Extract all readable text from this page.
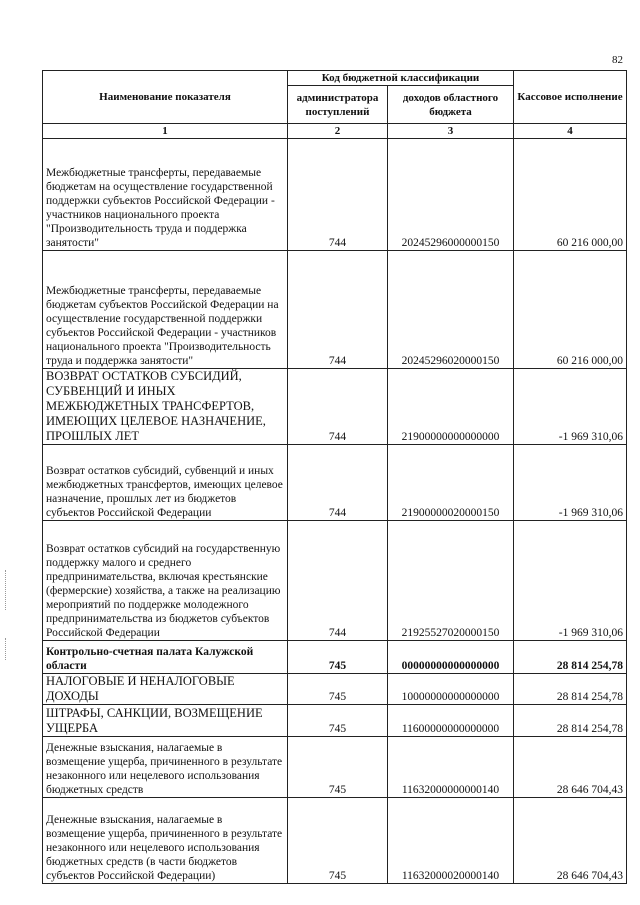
82
Наименование показателя	Код бюджетной классификации		Кассовое исполнение
	администратора поступлений	доходов областного бюджета	
1	2	3	4
Межбюджетные трансферты, передаваемые бюджетам на осуществление государственной поддержки субъектов Российской Федерации - участников национального проекта "Производительность труда и поддержка занятости"	744	20245296000000150	60 216 000,00
Межбюджетные трансферты, передаваемые бюджетам субъектов Российской Федерации на осуществление государственной поддержки субъектов Российской Федерации - участников национального проекта "Производительность труда и поддержка занятости"	744	20245296020000150	60 216 000,00
ВОЗВРАТ ОСТАТКОВ СУБСИДИЙ, СУБВЕНЦИЙ И ИНЫХ МЕЖБЮДЖЕТНЫХ ТРАНСФЕРТОВ, ИМЕЮЩИХ ЦЕЛЕВОЕ НАЗНАЧЕНИЕ, ПРОШЛЫХ ЛЕТ	744	21900000000000000	-1 969 310,06
Возврат остатков субсидий, субвенций и иных межбюджетных трансфертов, имеющих целевое назначение, прошлых лет из бюджетов субъектов Российской Федерации	744	21900000020000150	-1 969 310,06
Возврат остатков субсидий на государственную поддержку малого и среднего предпринимательства, включая крестьянские (фермерские) хозяйства, а также на реализацию мероприятий по поддержке молодежного предпринимательства из бюджетов субъектов Российской Федерации	744	21925527020000150	-1 969 310,06
Контрольно-счетная палата Калужской области	745	00000000000000000	28 814 254,78
НАЛОГОВЫЕ И НЕНАЛОГОВЫЕ ДОХОДЫ	745	10000000000000000	28 814 254,78
ШТРАФЫ, САНКЦИИ, ВОЗМЕЩЕНИЕ УЩЕРБА	745	11600000000000000	28 814 254,78
Денежные взыскания, налагаемые в возмещение ущерба, причиненного в результате незаконного или нецелевого использования бюджетных средств	745	11632000000000140	28 646 704,43
Денежные взыскания, налагаемые в возмещение ущерба, причиненного в результате незаконного или нецелевого использования бюджетных средств (в части бюджетов субъектов Российской Федерации)	745	11632000020000140	28 646 704,43
